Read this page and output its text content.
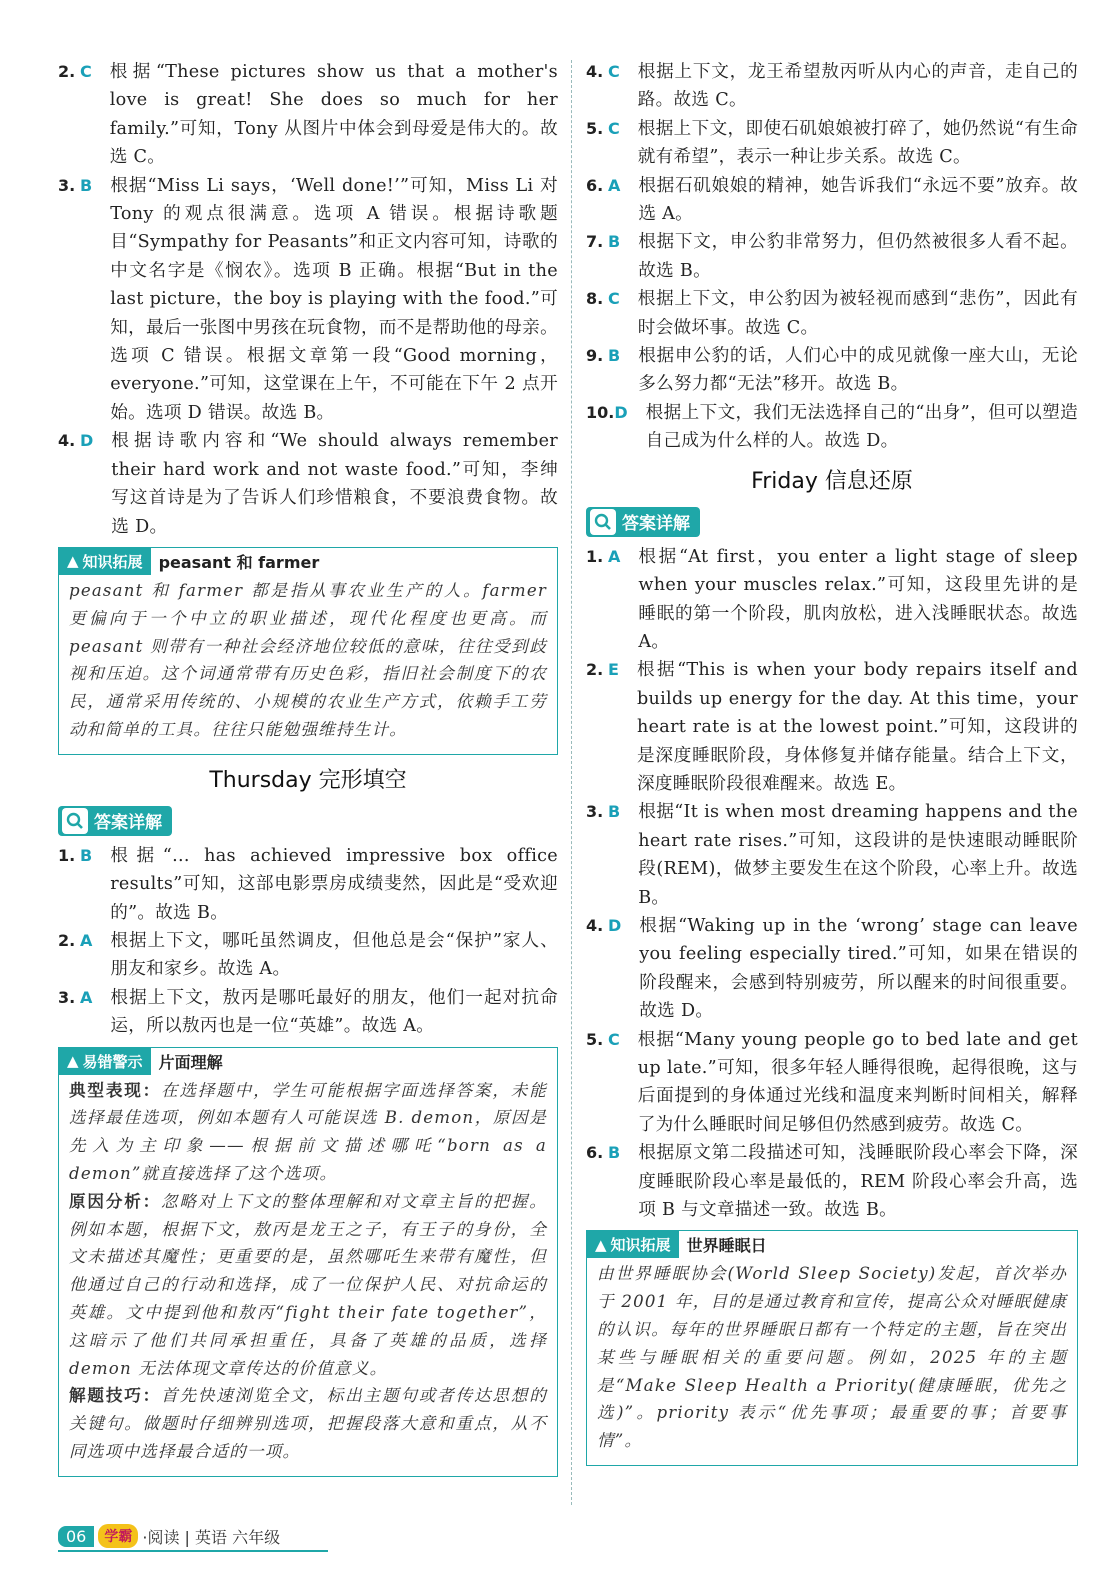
2. C 根据“These pictures show us that a mother's love is great! She does so much for her family.”可知，Tony 从图片中体会到母爱是伟大的。故选 C。
3. B 根据“Miss Li says，‘Well done!’”可知，Miss Li 对 Tony 的观点很满意。选项 A 错误。根据诗歌题目“Sympathy for Peasants”和正文内容可知，诗歌的中文名字是《悯农》。选项 B 正确。根据“But in the last picture，the boy is playing with the food.”可知，最后一张图中男孩在玩食物，而不是帮助他的母亲。选项 C 错误。根据文章第一段“Good morning，everyone.”可知，这堂课在上午，不可能在下午 2 点开始。选项 D 错误。故选 B。
4. D 根据诗歌内容和“We should always remember their hard work and not waste food.”可知，李绅写这首诗是为了告诉人们珍惜粮食，不要浪费食物。故选 D。
▲ 知识拓展 peasant 和 farmer
peasant 和 farmer 都是指从事农业生产的人。farmer 更偏向于一个中立的职业描述，现代化程度也更高。而 peasant 则带有一种社会经济地位较低的意味，往往受到歧视和压迫。这个词通常带有历史色彩，指旧社会制度下的农民，通常采用传统的、小规模的农业生产方式，依赖手工劳动和简单的工具。往往只能勉强维持生计。
Thursday 完形填空
答案详解
1. B 根据“… has achieved impressive box office results”可知，这部电影票房成绩斐然，因此是“受欢迎的”。故选 B。
2. A 根据上下文，哪吒虽然调皮，但他总是会“保护”家人、朋友和家乡。故选 A。
3. A 根据上下文，敖丙是哪吒最好的朋友，他们一起对抗命运，所以敖丙也是一位“英雄”。故选 A。
▲ 易错警示 片面理解

典型表现：在选择题中，学生可能根据字面选择答案，未能选择最佳选项，例如本题有人可能误选 B. demon，原因是先入为主印象——根据前文描述哪吒“born as a demon”就直接选择了这个选项。

原因分析：忽略对上下文的整体理解和对文章主旨的把握。例如本题，根据下文，敖丙是龙王之子，有王子的身份，全文未描述其魔性；更重要的是，虽然哪吒生来带有魔性，但他通过自己的行动和选择，成了一位保护人民、对抗命运的英雄。文中提到他和敖丙“fight their fate together”，这暗示了他们共同承担重任，具备了英雄的品质，选择 demon 无法体现文章传达的价值意义。

解题技巧：首先快速浏览全文，标出主题句或者传达思想的关键句。做题时仔细辨别选项，把握段落大意和重点，从不同选项中选择最合适的一项。

4. C 根据上下文，龙王希望敖丙听从内心的声音，走自己的路。故选 C。
5. C 根据上下文，即使石矶娘娘被打碎了，她仍然说“有生命就有希望”，表示一种让步关系。故选 C。
6. A 根据石矶娘娘的精神，她告诉我们“永远不要”放弃。故选 A。
7. B 根据下文，申公豹非常努力，但仍然被很多人看不起。故选 B。
8. C 根据上下文，申公豹因为被轻视而感到“悲伤”，因此有时会做坏事。故选 C。
9. B 根据申公豹的话，人们心中的成见就像一座大山，无论多么努力都“无法”移开。故选 B。
10. D 根据上下文，我们无法选择自己的“出身”，但可以塑造自己成为什么样的人。故选 D。
Friday 信息还原
答案详解
1. A 根据“At first，you enter a light stage of sleep when your muscles relax.”可知，这段里先讲的是睡眠的第一个阶段，肌肉放松，进入浅睡眠状态。故选 A。
2. E 根据“This is when your body repairs itself and builds up energy for the day. At this time，your heart rate is at the lowest point.”可知，这段讲的是深度睡眠阶段，身体修复并储存能量。结合上下文，深度睡眠阶段很难醒来。故选 E。
3. B 根据“It is when most dreaming happens and the heart rate rises.”可知，这段讲的是快速眼动睡眠阶段(REM)，做梦主要发生在这个阶段，心率上升。故选 B。
4. D 根据“Waking up in the ‘wrong’ stage can leave you feeling especially tired.”可知，如果在错误的阶段醒来，会感到特别疲劳，所以醒来的时间很重要。故选 D。
5. C 根据“Many young people go to bed late and get up late.”可知，很多年轻人睡得很晚，起得很晚，这与后面提到的身体通过光线和温度来判断时间相关，解释了为什么睡眠时间足够但仍然感到疲劳。故选 C。
6. B 根据原文第二段描述可知，浅睡眠阶段心率会下降，深度睡眠阶段心率是最低的，REM 阶段心率会升高，选项 B 与文章描述一致。故选 B。
▲ 知识拓展 世界睡眠日
由世界睡眠协会(World Sleep Society)发起，首次举办于 2001 年，目的是通过教育和宣传，提高公众对睡眠健康的认识。每年的世界睡眠日都有一个特定的主题，旨在突出某些与睡眠相关的重要问题。例如，2025 年的主题是“Make Sleep Health a Priority(健康睡眠，优先之选)”。priority 表示“优先事项；最重要的事；首要事情”。
06	学霸 ·阅读 | 英语 六年级
